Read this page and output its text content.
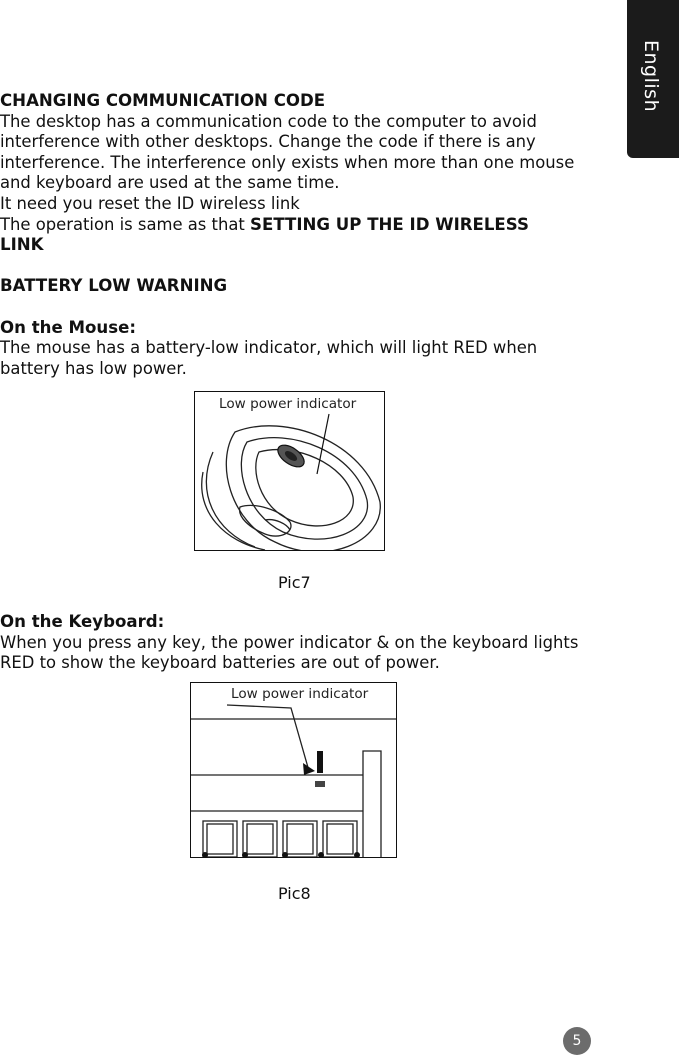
English

CHANGING COMMUNICATION CODE

The desktop has a communication code to the computer to avoid

interference with other desktops. Change the code if there is any

interference. The interference only exists when more than one mouse

and keyboard are used at the same time.

It need you reset the ID wireless link

The operation is same as that SETTING UP THE ID WIRELESS

LINK

BATTERY LOW WARNING

On the Mouse:

The mouse has a battery-low indicator, which will light RED when

battery has low power.

Low power indicator
Pic7

On the Keyboard:

When you press any key, the power indicator & on the keyboard lights

RED to show the keyboard batteries are out of power.

Low power indicator
Pic8
5
